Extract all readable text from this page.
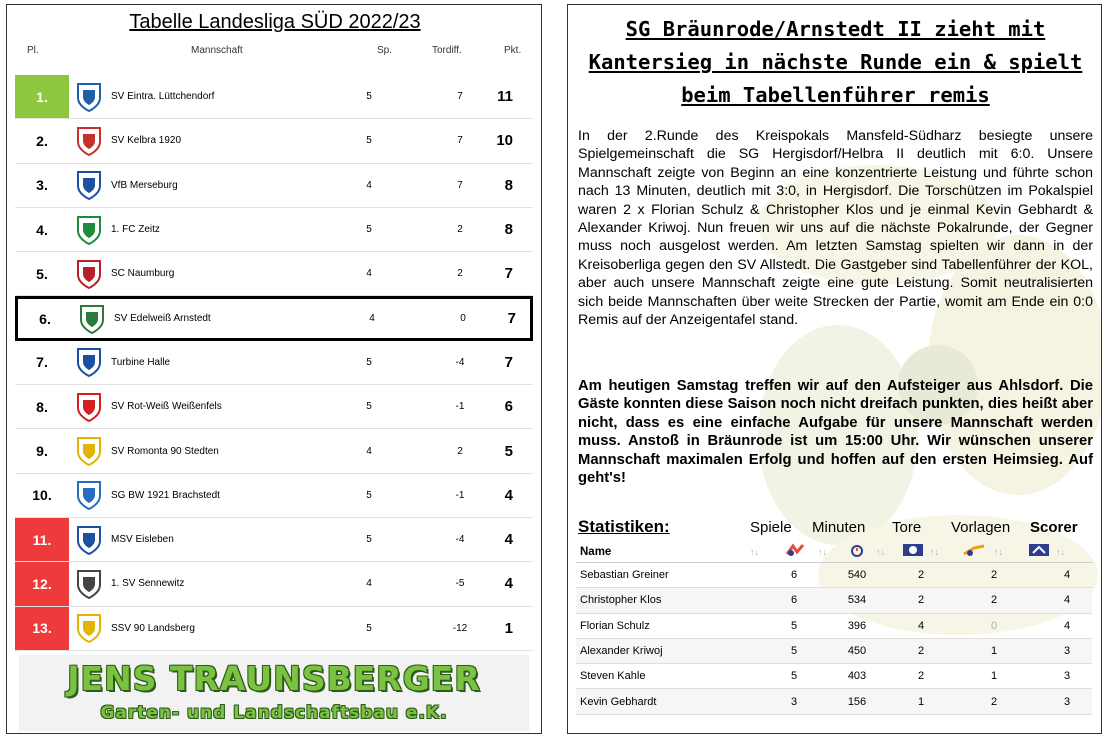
Tabelle Landesliga SÜD 2022/23
Pl.	Mannschaft	Sp.	Tordiff.	Pkt.
1.	SV Eintra. Lüttchendorf	5	7	11
2.	SV Kelbra 1920	5	7	10
3.	VfB Merseburg	4	7	8
4.	1. FC Zeitz	5	2	8
5.	SC Naumburg	4	2	7
6.	SV Edelweiß Arnstedt	4	0	7
7.	Turbine Halle	5	-4	7
8.	SV Rot-Weiß Weißenfels	5	-1	6
9.	SV Romonta 90 Stedten	4	2	5
10.	SG BW 1921 Brachstedt	5	-1	4
11.	MSV Eisleben	5	-4	4
12.	1. SV Sennewitz	4	-5	4
13.	SSV 90 Landsberg	5	-12	1
JENS TRAUNSBERGER
Garten- und Landschaftsbau e.K.
SG Bräunrode/Arnstedt II zieht mit Kantersieg in nächste Runde ein & spielt beim Tabellenführer remis
In der 2.Runde des Kreispokals Mansfeld-Südharz besiegte unsere Spielgemeinschaft die SG Hergisdorf/Helbra II deutlich mit 6:0. Unsere Mannschaft zeigte von Beginn an eine konzentrierte Leistung und führte schon nach 13 Minuten, deutlich mit 3:0, in Hergisdorf. Die Torschützen im Pokalspiel waren 2 x Florian Schulz & Christopher Klos und je einmal Kevin Gebhardt & Alexander Kriwoj. Nun freuen wir uns auf die nächste Pokalrunde, der Gegner muss noch ausgelost werden. Am letzten Samstag spielten wir dann in der Kreisoberliga gegen den SV Allstedt. Die Gastgeber sind Tabellenführer der KOL, aber auch unsere Mannschaft zeigte eine gute Leistung. Somit neutralisierten sich beide Mannschaften über weite Strecken der Partie, womit am Ende ein 0:0 Remis auf der Anzeigentafel stand.
Am heutigen Samstag treffen wir auf den Aufsteiger aus Ahlsdorf. Die Gäste konnten diese Saison noch nicht dreifach punkten, dies heißt aber nicht, dass es eine einfache Aufgabe für unsere Mannschaft werden muss. Anstoß in Bräunrode ist um 15:00 Uhr. Wir wünschen unserer Mannschaft maximalen Erfolg und hoffen auf den ersten Heimsieg. Auf geht's!
Statistiken:	Spiele Minuten Tore Vorlagen Scorer
Name	↑↓	↑↓	↑↓	↑↓	↑↓	↑↓
Sebastian Greiner	6	540	2	2	4
Christopher Klos	6	534	2	2	4
Florian Schulz	5	396	4	0	4
Alexander Kriwoj	5	450	2	1	3
Steven Kahle	5	403	2	1	3
Kevin Gebhardt	3	156	1	2	3
